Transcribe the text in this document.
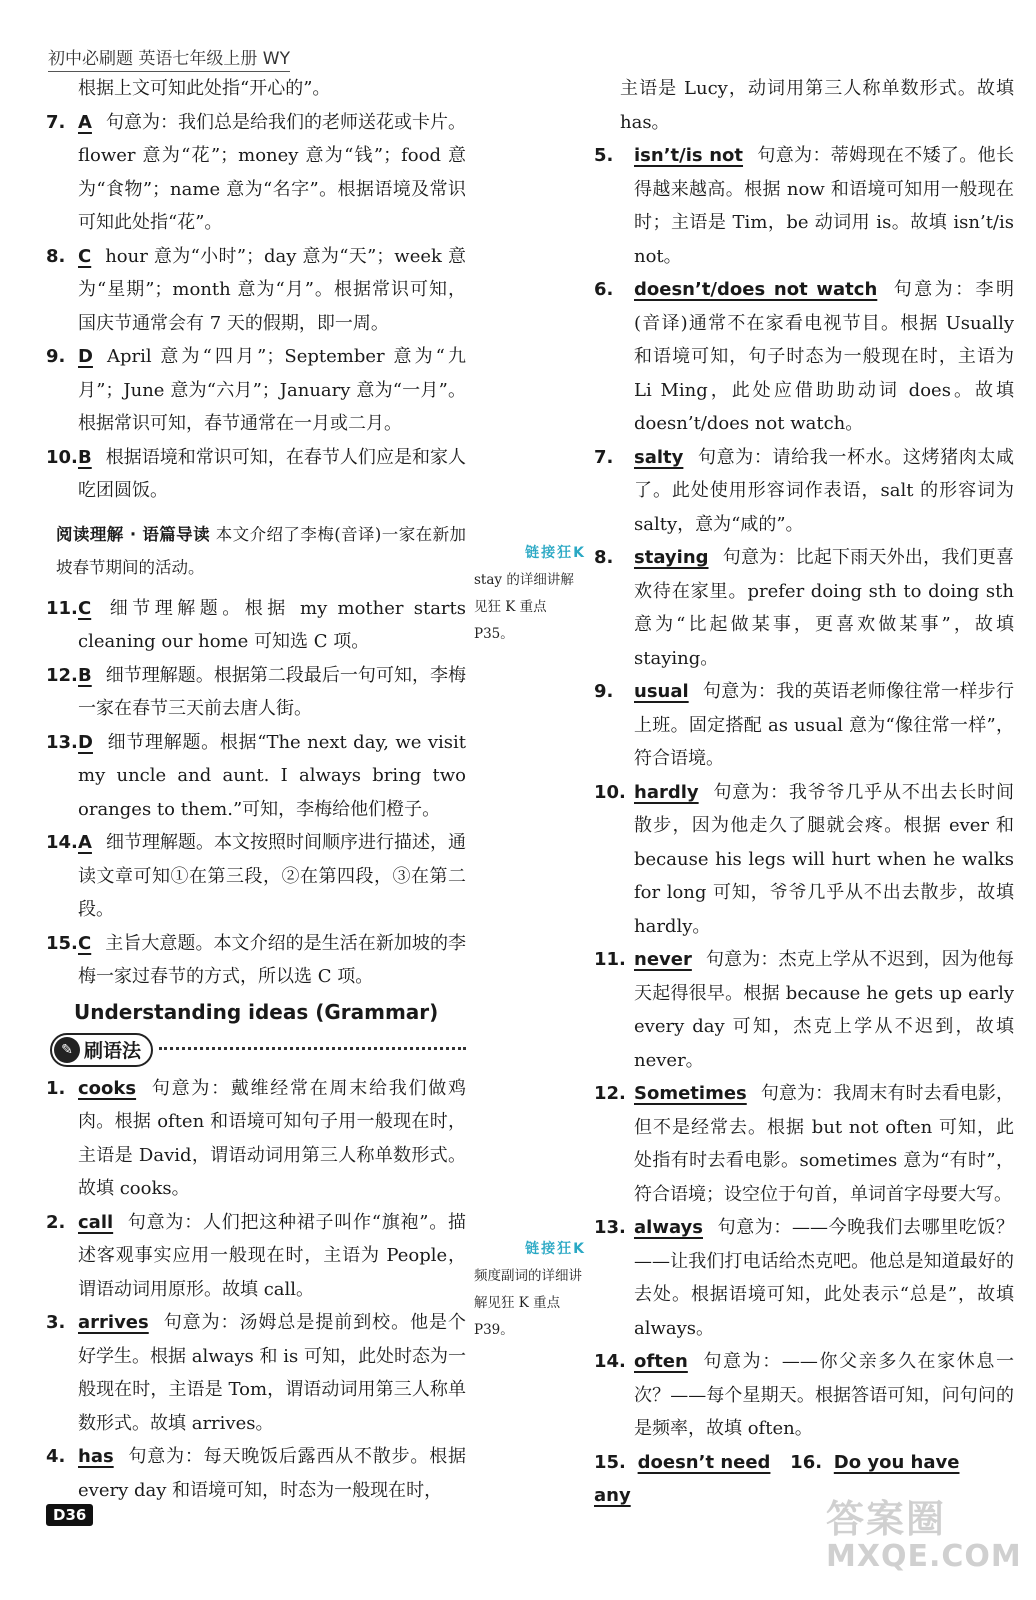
初中必刷题 英语七年级上册 WY
根据上文可知此处指“开心的”。
7. A 句意为：我们总是给我们的老师送花或卡片。flower 意为“花”；money 意为“钱”；food 意为“食物”；name 意为“名字”。根据语境及常识可知此处指“花”。
8. C hour 意为“小时”；day 意为“天”；week 意为“星期”；month 意为“月”。根据常识可知，国庆节通常会有 7 天的假期，即一周。
9. D April 意为“四月”；September 意为“九月”；June 意为“六月”；January 意为“一月”。根据常识可知，春节通常在一月或二月。
10. B 根据语境和常识可知，在春节人们应是和家人吃团圆饭。
阅读理解 · 语篇导读 本文介绍了李梅(音译)一家在新加坡春节期间的活动。
11. C 细节理解题。根据 my mother starts cleaning our home 可知选 C 项。
12. B 细节理解题。根据第二段最后一句可知，李梅一家在春节三天前去唐人街。
13. D 细节理解题。根据“The next day, we visit my uncle and aunt. I always bring two oranges to them.”可知，李梅给他们橙子。
14. A 细节理解题。本文按照时间顺序进行描述，通读文章可知①在第三段，②在第四段，③在第二段。
15. C 主旨大意题。本文介绍的是生活在新加坡的李梅一家过春节的方式，所以选 C 项。
Understanding ideas (Grammar)
✎ 刷语法
1. cooks 句意为：戴维经常在周末给我们做鸡肉。根据 often 和语境可知句子用一般现在时，主语是 David，谓语动词用第三人称单数形式。故填 cooks。
2. call 句意为：人们把这种裙子叫作“旗袍”。描述客观事实应用一般现在时，主语为 People，谓语动词用原形。故填 call。
3. arrives 句意为：汤姆总是提前到校。他是个好学生。根据 always 和 is 可知，此处时态为一般现在时，主语是 Tom，谓语动词用第三人称单数形式。故填 arrives。
4. has 句意为：每天晚饭后露西从不散步。根据 every day 和语境可知，时态为一般现在时，
链接狂K
stay 的详细讲解见狂 K 重点 P35。
链接狂K
频度副词的详细讲解见狂 K 重点 P39。
主语是 Lucy，动词用第三人称单数形式。故填 has。
5. isn’t/is not 句意为：蒂姆现在不矮了。他长得越来越高。根据 now 和语境可知用一般现在时；主语是 Tim，be 动词用 is。故填 isn’t/is not。
6. doesn’t/does not watch 句意为：李明(音译)通常不在家看电视节目。根据 Usually 和语境可知，句子时态为一般现在时，主语为 Li Ming，此处应借助助动词 does。故填 doesn’t/does not watch。
7. salty 句意为：请给我一杯水。这烤猪肉太咸了。此处使用形容词作表语，salt 的形容词为 salty，意为“咸的”。
8. staying 句意为：比起下雨天外出，我们更喜欢待在家里。prefer doing sth to doing sth 意为“比起做某事，更喜欢做某事”，故填 staying。
9. usual 句意为：我的英语老师像往常一样步行上班。固定搭配 as usual 意为“像往常一样”，符合语境。
10. hardly 句意为：我爷爷几乎从不出去长时间散步，因为他走久了腿就会疼。根据 ever 和 because his legs will hurt when he walks for long 可知，爷爷几乎从不出去散步，故填 hardly。
11. never 句意为：杰克上学从不迟到，因为他每天起得很早。根据 because he gets up early every day 可知，杰克上学从不迟到，故填 never。
12. Sometimes 句意为：我周末有时去看电影，但不是经常去。根据 but not often 可知，此处指有时去看电影。sometimes 意为“有时”，符合语境；设空位于句首，单词首字母要大写。
13. always 句意为：——今晚我们去哪里吃饭？——让我们打电话给杰克吧。他总是知道最好的去处。根据语境可知，此处表示“总是”，故填 always。
14. often 句意为：——你父亲多久在家休息一次？——每个星期天。根据答语可知，问句问的是频率，故填 often。
15. doesn’t need 16. Do you have any
D36	答案圈
MXQE.COM
